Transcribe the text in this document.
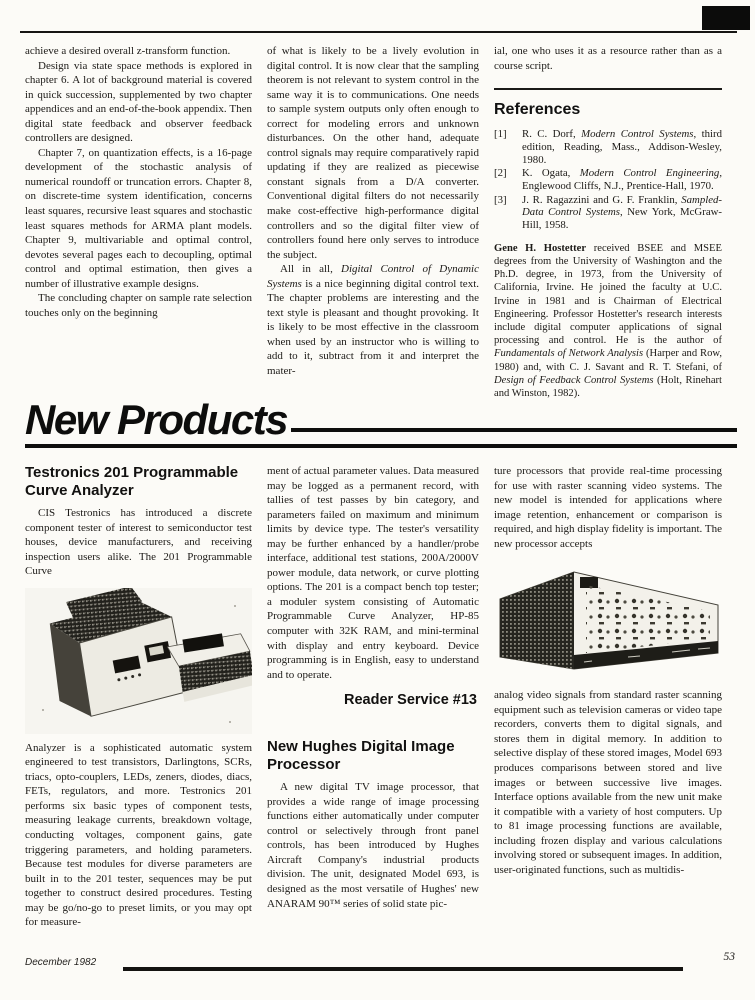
achieve a desired overall z-transform function.

Design via state space methods is explored in chapter 6. A lot of background material is covered in quick succession, supplemented by two chapter appendices and an end-of-the-book appendix. Then digital state feedback and observer feedback controllers are designed.

Chapter 7, on quantization effects, is a 16-page development of the stochastic analysis of numerical roundoff or truncation errors. Chapter 8, on discrete-time system identification, concerns least squares, recursive least squares and stochastic least squares methods for ARMA plant models. Chapter 9, multivariable and optimal control, devotes several pages each to decoupling, optimal control and optimal estimation, then gives a number of illustrative example designs.

The concluding chapter on sample rate selection touches only on the beginning

of what is likely to be a lively evolution in digital control. It is now clear that the sampling theorem is not relevant to system control in the same way it is to communications. One needs to sample system outputs only often enough to correct for modeling errors and unknown disturbances. On the other hand, adequate control signals may require comparatively rapid updating if they are realized as piecewise constant signals from a D/A converter. Conventional digital filters do not necessarily make cost-effective high-performance digital controllers and so the digital filter view of controllers found here only serves to introduce the subject.

All in all, Digital Control of Dynamic Systems is a nice beginning digital control text. The chapter problems are interesting and the text style is pleasant and thought provoking. It is likely to be most effective in the classroom when used by an instructor who is willing to add to it, subtract from it and interpret the mater-

ial, one who uses it as a resource rather than as a course script.

References
[1] R. C. Dorf, Modern Control Systems, third edition, Reading, Mass., Addison-Wesley, 1980.
[2] K. Ogata, Modern Control Engineering, Englewood Cliffs, N.J., Prentice-Hall, 1970.
[3] J. R. Ragazzini and G. F. Franklin, Sampled-Data Control Systems, New York, McGraw-Hill, 1958.

Gene H. Hostetter received BSEE and MSEE degrees from the University of Washington and the Ph.D. degree, in 1973, from the University of California, Irvine. He joined the faculty at U.C. Irvine in 1981 and is Chairman of Electrical Engineering. Professor Hostetter's research interests include digital computer applications of signal processing and control. He is the author of Fundamentals of Network Analysis (Harper and Row, 1980) and, with C. J. Savant and R. T. Stefani, of Design of Feedback Control Systems (Holt, Rinehart and Winston, 1982).

New Products
Testronics 201 Programmable Curve Analyzer

CIS Testronics has introduced a discrete component tester of interest to semiconductor test houses, device manufacturers, and receiving inspection users alike. The 201 Programmable Curve

Analyzer is a sophisticated automatic system engineered to test transistors, Darlingtons, SCRs, triacs, opto-couplers, LEDs, zeners, diodes, diacs, FETs, regulators, and more. Testronics 201 performs six basic types of component tests, measuring leakage currents, breakdown voltage, conducting voltages, component gains, gate triggering parameters, and holding parameters. Because test modules for diverse parameters are built in to the 201 tester, sequences may be put together to construct desired procedures. Testing may be go/no-go to preset limits, or you may opt for measure-

ment of actual parameter values. Data measured may be logged as a permanent record, with tallies of test passes by bin category, and parameters failed on maximum and minimum limits by device type. The tester's versatility may be further enhanced by a handler/probe interface, additional test stations, 200A/2000V power module, data network, or curve plotting options. The 201 is a compact bench top tester; a moduler system consisting of Automatic Programmable Curve Analyzer, HP-85 computer with 32K RAM, and mini-terminal with display and entry keyboard. Device programming is in English, easy to understand and to operate.

Reader Service #13
New Hughes Digital Image Processor

A new digital TV image processor, that provides a wide range of image processing functions either automatically under computer control or selectively through front panel controls, has been introduced by Hughes Aircraft Company's industrial products division. The unit, designated Model 693, is designed as the most versatile of Hughes' new ANARAM 90™ series of solid state pic-

ture processors that provide real-time processing for use with raster scanning video systems. The new model is intended for applications where image retention, enhancement or comparison is required, and high display fidelity is important. The new processor accepts

analog video signals from standard raster scanning equipment such as television cameras or video tape recorders, converts them to digital signals, and stores them in digital memory. In addition to selective display of these stored images, Model 693 produces comparisons between stored and live images or between successive live images. Interface options available from the new unit make it compatible with a variety of host computers. Up to 81 image processing functions are available, including frozen display and various calculations involving stored or subsequent images. In addition, user-originated functions, such as multidis-

December 1982	53
